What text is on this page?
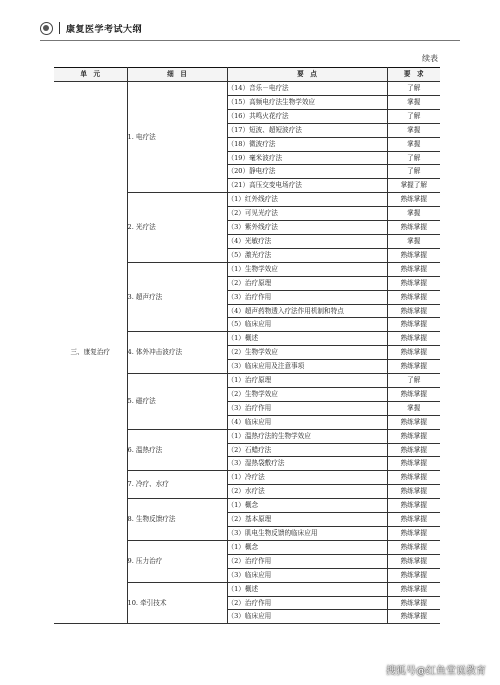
康复医学考试大纲
续表
单　元	细　目	要　点	要　求
三、康复治疗	1. 电疗法	（14）音乐－电疗法	了解
		（15）高频电疗法生物学效应	掌握
		（16）共鸣火花疗法	了解
		（17）短波、超短波疗法	掌握
		（18）微波疗法	掌握
		（19）毫米波疗法	了解
		（20）静电疗法	了解
		（21）高压交变电场疗法	掌握了解
	2. 光疗法	（1）红外线疗法	熟练掌握
		（2）可见光疗法	掌握
		（3）紫外线疗法	熟练掌握
		（4）光敏疗法	掌握
		（5）激光疗法	熟练掌握
	3. 超声疗法	（1）生物学效应	熟练掌握
		（2）治疗原理	熟练掌握
		（3）治疗作用	熟练掌握
		（4）超声药物透入疗法作用机制和特点	熟练掌握
		（5）临床应用	熟练掌握
	4. 体外冲击波疗法	（1）概述	熟练掌握
		（2）生物学效应	熟练掌握
		（3）临床应用及注意事项	熟练掌握
	5. 磁疗法	（1）治疗原理	了解
		（2）生物学效应	熟练掌握
		（3）治疗作用	掌握
		（4）临床应用	熟练掌握
	6. 温热疗法	（1）温热疗法的生物学效应	熟练掌握
		（2）石蜡疗法	熟练掌握
		（3）湿热袋敷疗法	熟练掌握
	7. 冷疗、水疗	（1）冷疗法	熟练掌握
		（2）水疗法	熟练掌握
	8. 生物反馈疗法	（1）概念	熟练掌握
		（2）基本原理	熟练掌握
		（3）肌电生物反馈的临床应用	熟练掌握
	9. 压力治疗	（1）概念	熟练掌握
		（2）治疗作用	熟练掌握
		（3）临床应用	熟练掌握
	10. 牵引技术	（1）概述	熟练掌握
		（2）治疗作用	熟练掌握
		（3）临床应用	熟练掌握
搜狐号@红鱼堂说教育
